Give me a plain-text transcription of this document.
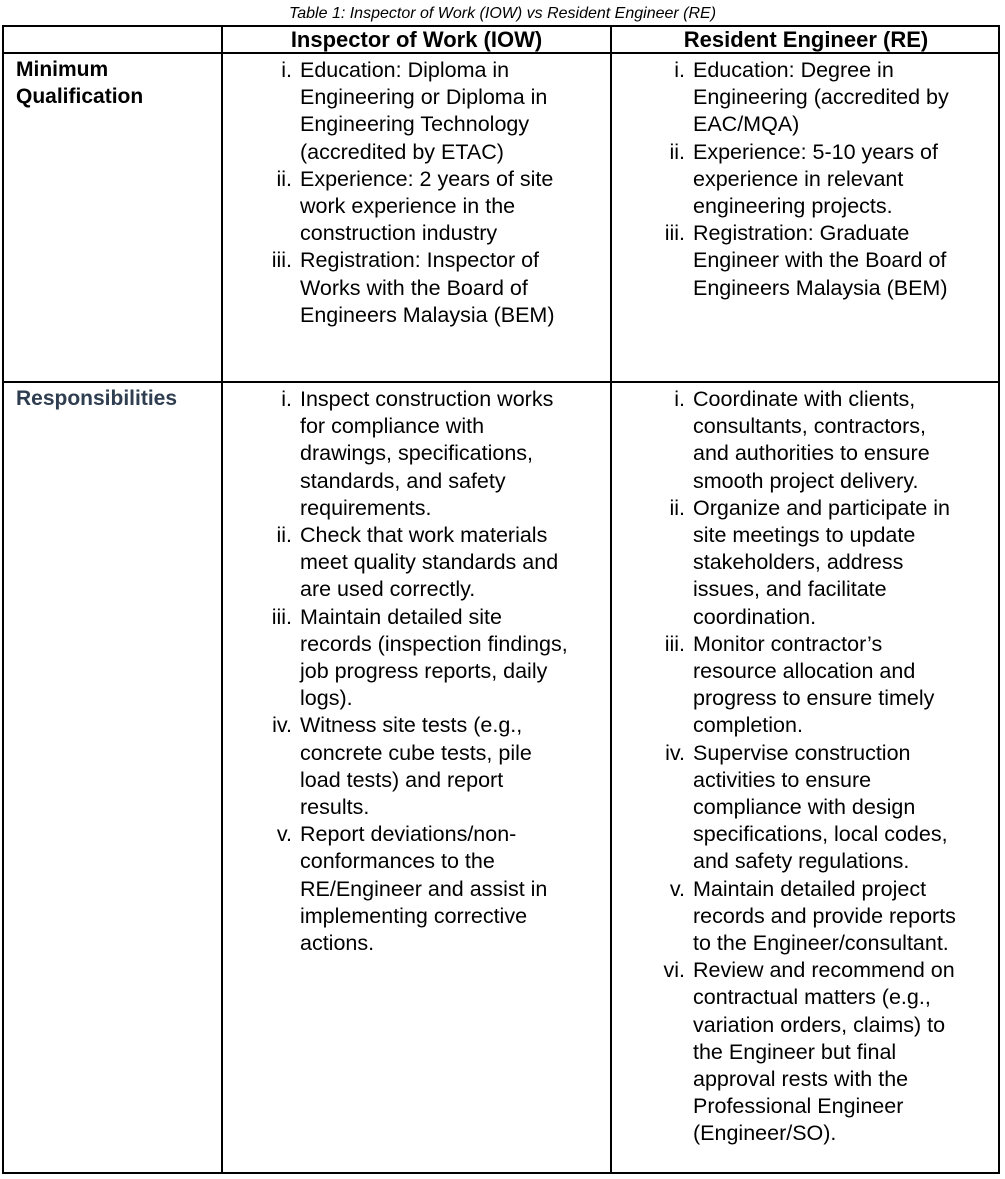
Table 1: Inspector of Work (IOW) vs Resident Engineer (RE)
Inspector of Work (IOW)	Resident Engineer (RE)
Minimum
Qualification
i. Education: Diploma in
Engineering or Diploma in
Engineering Technology
(accredited by ETAC)
ii. Experience: 2 years of site
work experience in the
construction industry
iii. Registration: Inspector of
Works with the Board of
Engineers Malaysia (BEM)
i. Education: Degree in
Engineering (accredited by
EAC/MQA)
ii. Experience: 5-10 years of
experience in relevant
engineering projects.
iii. Registration: Graduate
Engineer with the Board of
Engineers Malaysia (BEM)
Responsibilities	i. Inspect construction works
for compliance with
drawings, specifications,
standards, and safety
requirements.
ii. Check that work materials
meet quality standards and
are used correctly.
iii. Maintain detailed site
records (inspection findings,
job progress reports, daily
logs).
iv. Witness site tests (e.g.,
concrete cube tests, pile
load tests) and report
results.
v. Report deviations/non-
conformances to the
RE/Engineer and assist in
implementing corrective
actions.
i. Coordinate with clients,
consultants, contractors,
and authorities to ensure
smooth project delivery.
ii. Organize and participate in
site meetings to update
stakeholders, address
issues, and facilitate
coordination.
iii. Monitor contractor’s
resource allocation and
progress to ensure timely
completion.
iv. Supervise construction
activities to ensure
compliance with design
specifications, local codes,
and safety regulations.
v. Maintain detailed project
records and provide reports
to the Engineer/consultant.
vi. Review and recommend on
contractual matters (e.g.,
variation orders, claims) to
the Engineer but final
approval rests with the
Professional Engineer
(Engineer/SO).
